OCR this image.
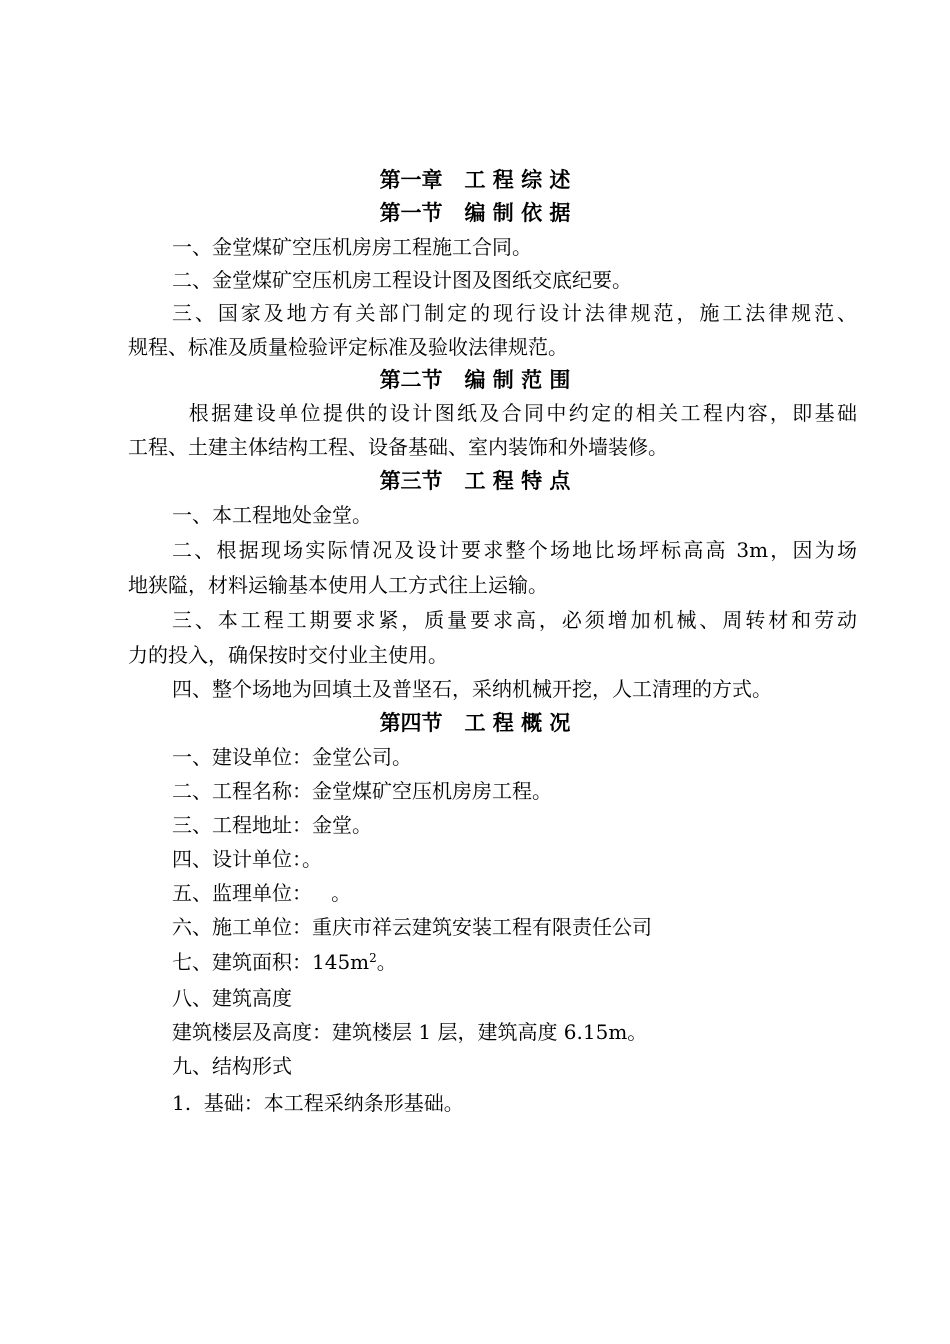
第一章   工 程 综 述
第一节   编 制 依 据
一、金堂煤矿空压机房房工程施工合同。
二、金堂煤矿空压机房工程设计图及图纸交底纪要。
三、国家及地方有关部门制定的现行设计法律规范，施工法律规范、
规程、标准及质量检验评定标准及验收法律规范。
第二节   编 制 范 围
根据建设单位提供的设计图纸及合同中约定的相关工程内容，即基础
工程、土建主体结构工程、设备基础、室内装饰和外墙装修。
第三节   工 程 特 点
一、本工程地处金堂。
二、根据现场实际情况及设计要求整个场地比场坪标高高 3m，因为场
地狭隘，材料运输基本使用人工方式往上运输。
三、本工程工期要求紧，质量要求高，必须增加机械、周转材和劳动
力的投入，确保按时交付业主使用。
四、整个场地为回填土及普坚石，采纳机械开挖，人工清理的方式。
第四节   工 程 概 况
一、建设单位：金堂公司。
二、工程名称：金堂煤矿空压机房房工程。
三、工程地址：金堂。
四、设计单位：。
五、监理单位：   。
六、施工单位：重庆市祥云建筑安装工程有限责任公司
七、建筑面积：$145m^2$。
八、建筑高度
建筑楼层及高度：建筑楼层 1 层，建筑高度 6.15m。
九、结构形式
1.  基础：本工程采纳条形基础。
